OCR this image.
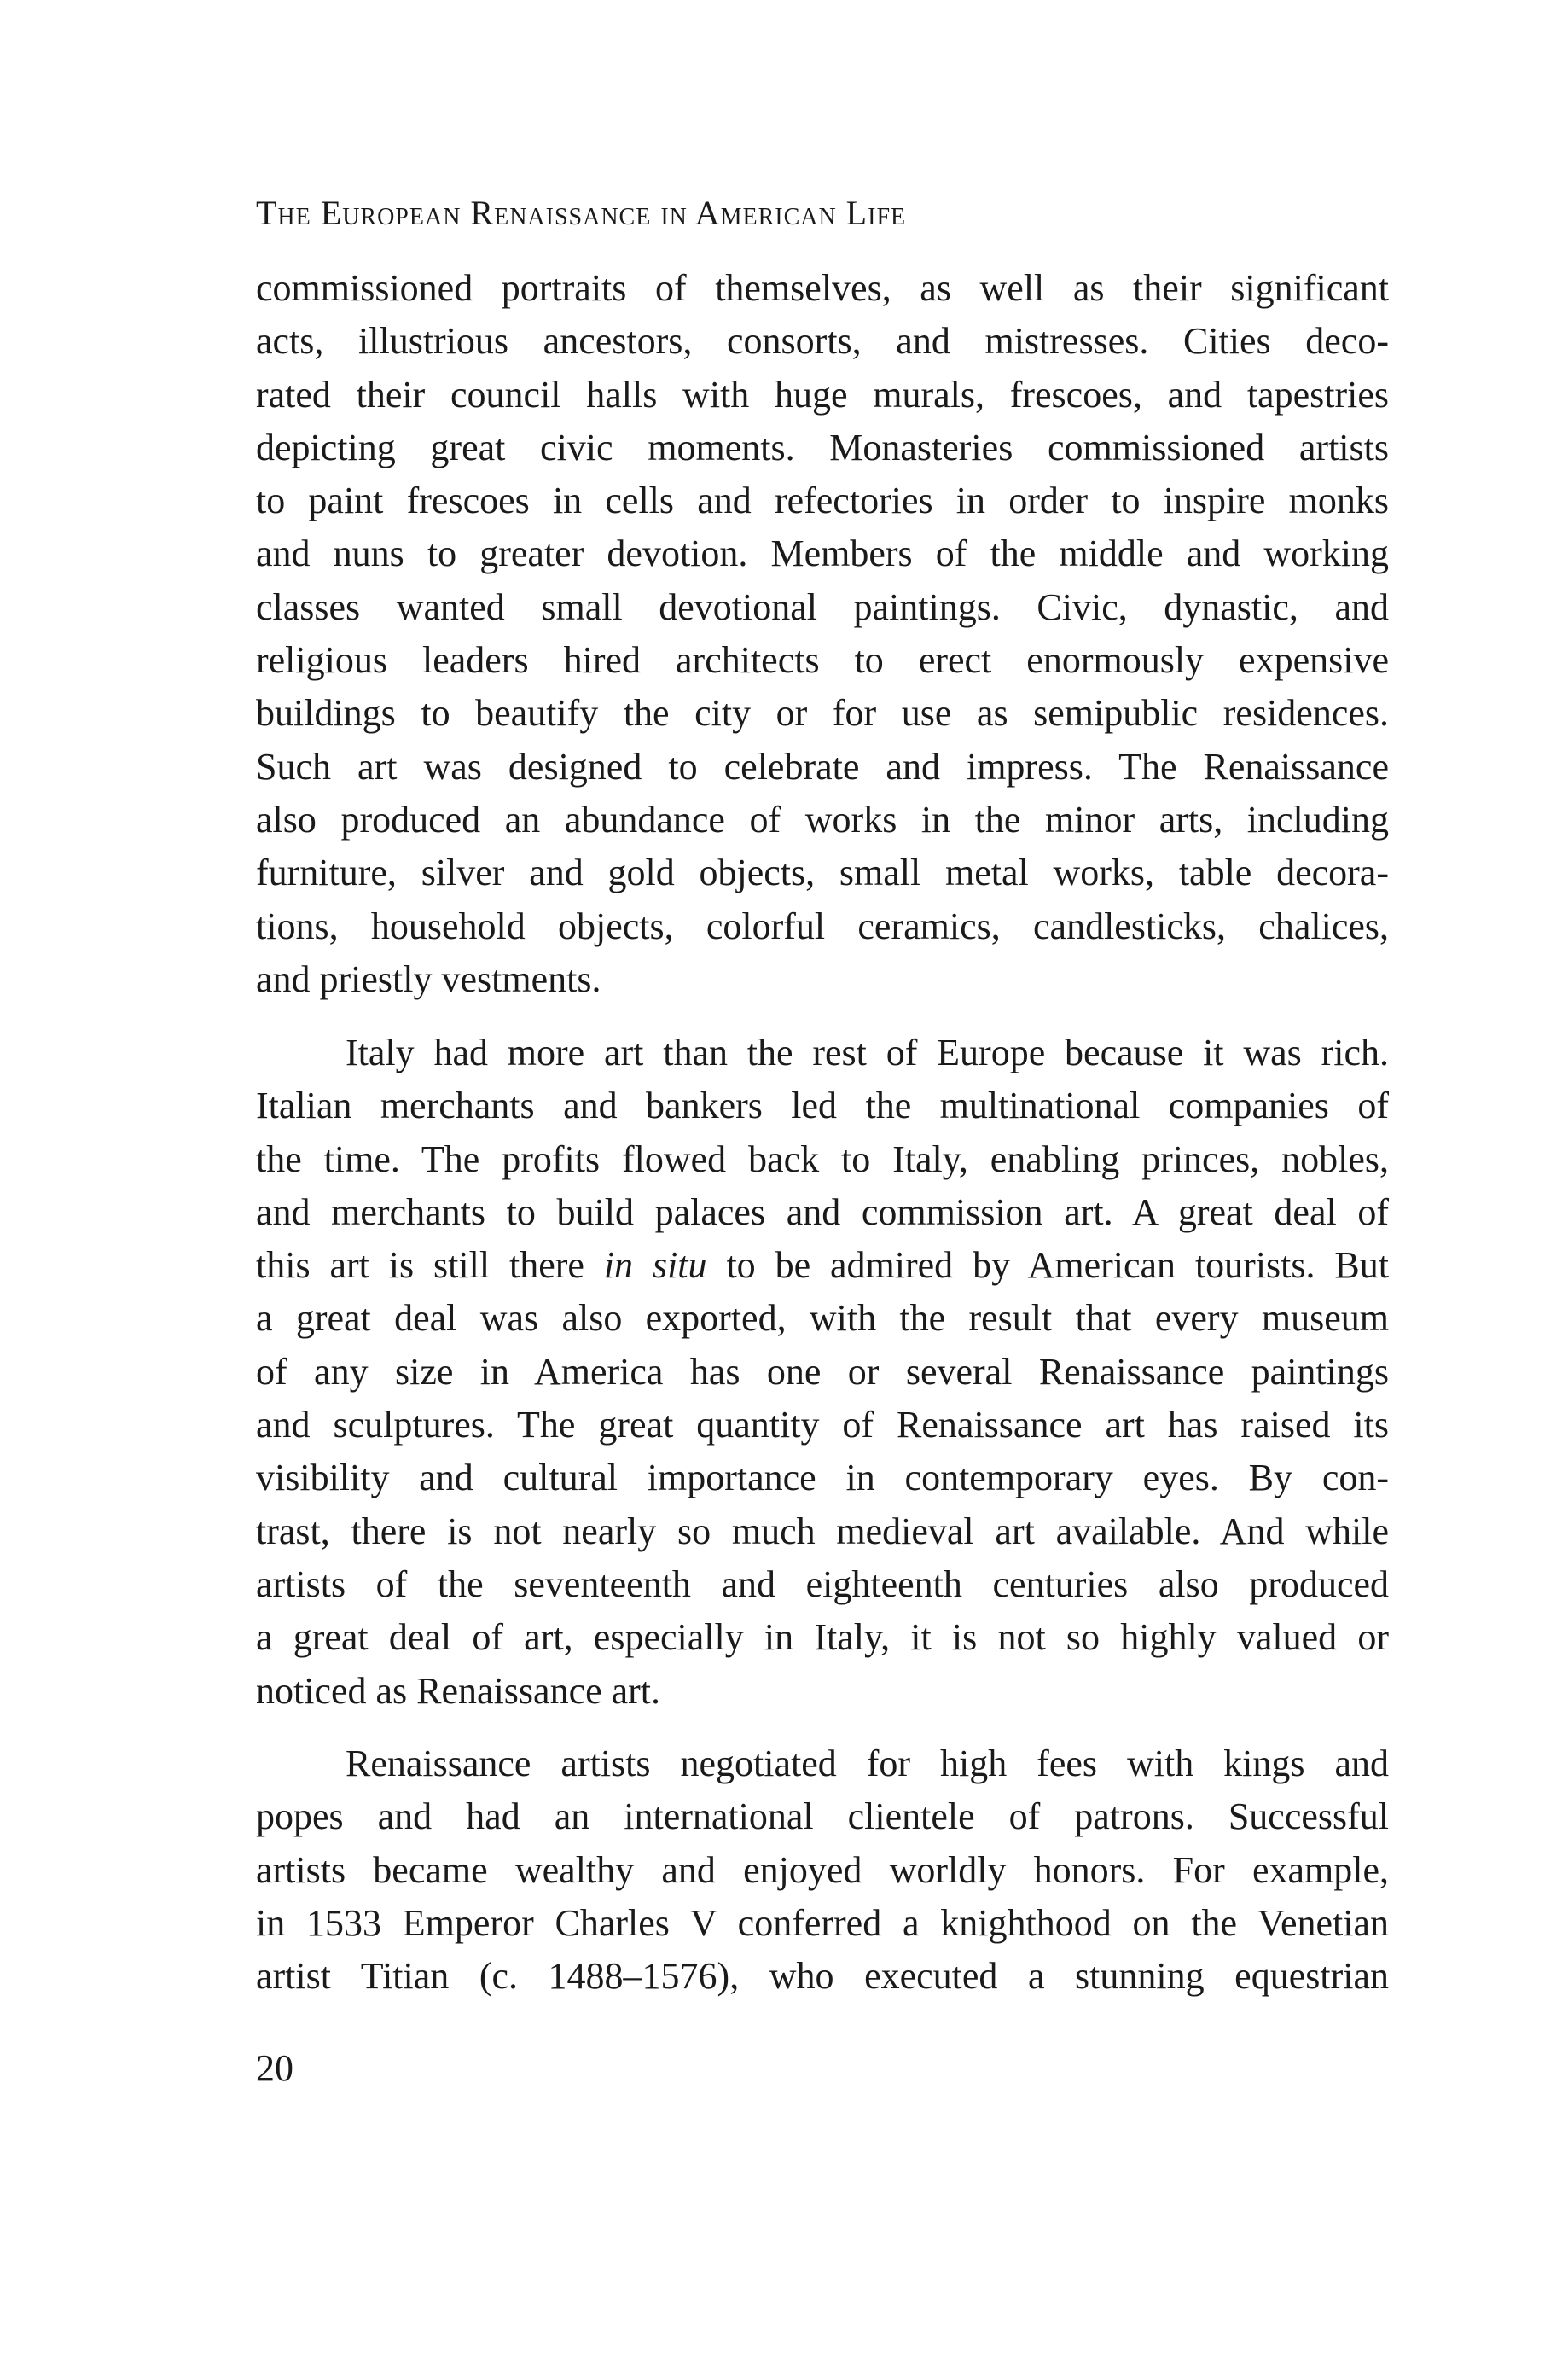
The European Renaissance in American Life
commissioned portraits of themselves, as well as their significant
acts, illustrious ancestors, consorts, and mistresses. Cities deco-
rated their council halls with huge murals, frescoes, and tapestries
depicting great civic moments. Monasteries commissioned artists
to paint frescoes in cells and refectories in order to inspire monks
and nuns to greater devotion. Members of the middle and working
classes wanted small devotional paintings. Civic, dynastic, and
religious leaders hired architects to erect enormously expensive
buildings to beautify the city or for use as semipublic residences.
Such art was designed to celebrate and impress. The Renaissance
also produced an abundance of works in the minor arts, including
furniture, silver and gold objects, small metal works, table decora-
tions, household objects, colorful ceramics, candlesticks, chalices,
and priestly vestments.
Italy had more art than the rest of Europe because it was rich.
Italian merchants and bankers led the multinational companies of
the time. The profits flowed back to Italy, enabling princes, nobles,
and merchants to build palaces and commission art. A great deal of
this art is still there in situ to be admired by American tourists. But
a great deal was also exported, with the result that every museum
of any size in America has one or several Renaissance paintings
and sculptures. The great quantity of Renaissance art has raised its
visibility and cultural importance in contemporary eyes. By con-
trast, there is not nearly so much medieval art available. And while
artists of the seventeenth and eighteenth centuries also produced
a great deal of art, especially in Italy, it is not so highly valued or
noticed as Renaissance art.
Renaissance artists negotiated for high fees with kings and
popes and had an international clientele of patrons. Successful
artists became wealthy and enjoyed worldly honors. For example,
in 1533 Emperor Charles V conferred a knighthood on the Venetian
artist Titian (c. 1488–1576), who executed a stunning equestrian
20
